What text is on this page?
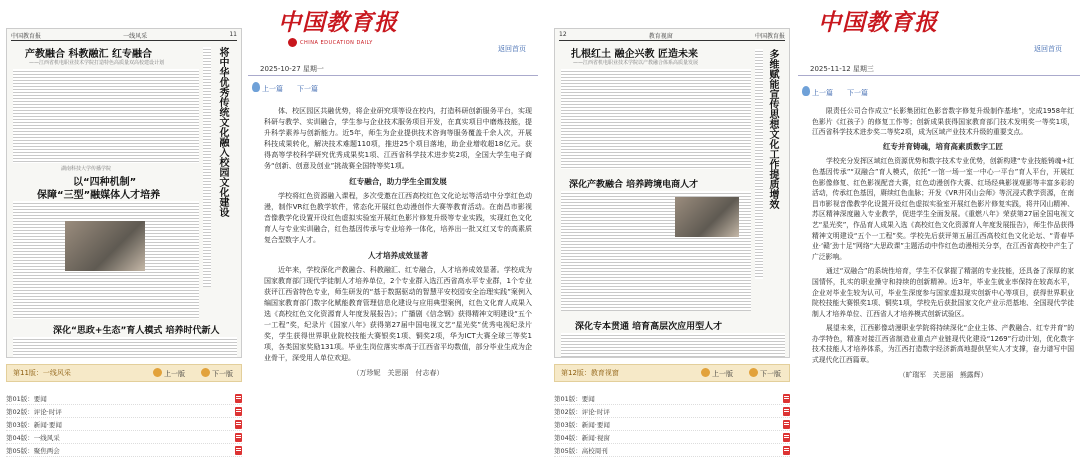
中国教育报	一线风采	11
产教融合 科教融汇 红专融合
——江西省机电职业技术学院打造特色高质量双高校建设计划	将中华优秀传统文化融入校园文化建设
湖南科技大学传播学院
以“四种机制”
保障“三型”融媒体人才培养
深化“思政+生态”育人模式 培养时代新人
第11版：一线风采	上一版	下一版
第01版：要闻
第02版：评论·时评
第03版：新闻·要闻
第04版：一线风采
第05版：聚焦两会
中国教育报
CHINA EDUCATION DAILY
返回首页
2025-10-27 星期一
上一篇 下一篇

体、校区园区共融优势，将企业研究项等设在校内，打造科研创新服务平台，实现科研与教学、实训融合，学生参与企业技术服务项目开发，在真实项目中磨炼技能，提升科学素养与创新能力。近5年，师生为企业提供技术咨询等服务覆盖千余人次，开展科技成果转化，解决技术难题110项，推进25个项目落地，助企业增收超18亿元。获得高等学校科学研究优秀成果奖1项、江西省科学技术进步奖2项，全国大学生电子商务“创新、创意及创业”挑战赛全国特等奖1项。

红专融合，助力学生全面发展

学校将红色资源融入课程，多次受邀在江西高校红色文化论坛等活动中分享红色动漫，制作VR红色教学软件，常态化开展红色动漫创作大赛等教育活动。在南昌市影视音像教学化设置开设红色虚拟实验室开展红色影片修复升级等专业实践，实现红色文化育人与专业实训融合，红色基因传承与专业培养一体化，培养出一批又红又专的高素质复合型数字人才。

人才培养成效显著

近年来，学校深化产教融合、科教融汇、红专融合，人才培养成效显著。学校成为国家教育部门现代学徒制人才培养单位，2个专业群入选江西省高水平专业群，1个专业获评江西省特色专业，师生研发的“基于数据驱动的智慧平安校园安全治理实践”案例入编国家教育部门数字化赋能教育管理信息化建设与应用典型案例，红色文化育人成果入选《高校红色文化资源育人年度发展报告》；广播剧《信念钢》获得精神文明建设“五个一工程”奖，纪录片《国家八年》获得第27届中国电视文艺“星光奖”优秀电视纪录片奖，学生获得世界职业院校技能大赛银奖1项、铜奖2项，华为ICT大赛全球三等奖1项，各类国家奖励131项。毕业生岗位落实率高于江西省平均数值，部分毕业生成为企业骨干，深受用人单位欢迎。

（万珍妮　关思丽　付志春）
12	教育视窗	中国教育报
扎根红土 融企兴教 匠造未来
——江西省机电职业技术学院以产教融合体系高质量发展	多维赋能宣传思想文化工作提质增效
深化产教融合 培养跨境电商人才
深化专本贯通 培育高层次应用型人才
第12版：教育视窗	上一版	下一版
第01版：要闻
第02版：评论·时评
第03版：新闻·要闻
第04版：新闻·视窗
第05版：高校周刊
中国教育报
返回首页
2025-11-12 星期三
上一篇 下一篇

限责任公司合作成立“长影集团红色影音数字修复升级制作基地”，完成1958年红色影片《红孩子》的修复工作等；创新成果获得国家教育部门技术发明奖一等奖1项，江西省科学技术进步奖二等奖2项，成为区域产业技术升级的重要支点。

红专并育铸魂，培育高素质数字工匠

学校充分发挥区域红色资源优势和数字技术专业优势，创新构建“专业技能铸魂+红色基因传承”“双融合”育人模式，依托“一馆一场一室一中心一平台”育人平台，开展红色影像修复、红色影视配音大赛，红色动漫创作大赛、红场经典影视观影等丰富多彩的活动，传承红色基因，赓续红色血脉；开发《VR井冈山会师》等沉浸式教学资源，在南昌市影视音像教学化设置开设红色虚拟实验室开展红色影片修复实践，将井冈山精神、苏区精神深度融入专业教学，促进学生全面发展。《重燃八年》荣获第27届全国电视文艺“星光奖”，作品育人成果入选《高校红色文化资源育人年度发展报告》，师生作品获得精神文明建设“五个一工程”奖。学校先后获评第五届江西高校红色文化论坛、“青春毕业·‘赣’劲十足”网络“大思政课”主题活动中作红色动漫相关分享，在江西省高校中产生了广泛影响。

通过“双融合”的系统性培育，学生不仅掌握了精湛的专业技能，还具备了深厚的家国情怀，扎实的职业操守和持续的创新精神。近3年，毕业生就业率保持在较高水平，企业对毕业生较为认可，毕业生深度参与国家虚拟现实创新中心等项目，获得世界职业院校技能大赛银奖1项、铜奖1项，学校先后获批国家文化产业示范基地、全国现代学徒制人才培养单位、江西省人才培养模式创新试验区。

展望未来，江西影像动漫职业学院将持续深化“企业主体、产教融合、红专并育”的办学特色，精准对接江西省制造业重点产业链现代化建设“1269”行动计划，优化数字技术技能人才培养体系，为江西打造数字经济新高地提供坚实人才支撑，奋力谱写中国式现代化江西篇章。

（旷瑞军　关思丽　熊露辉）
